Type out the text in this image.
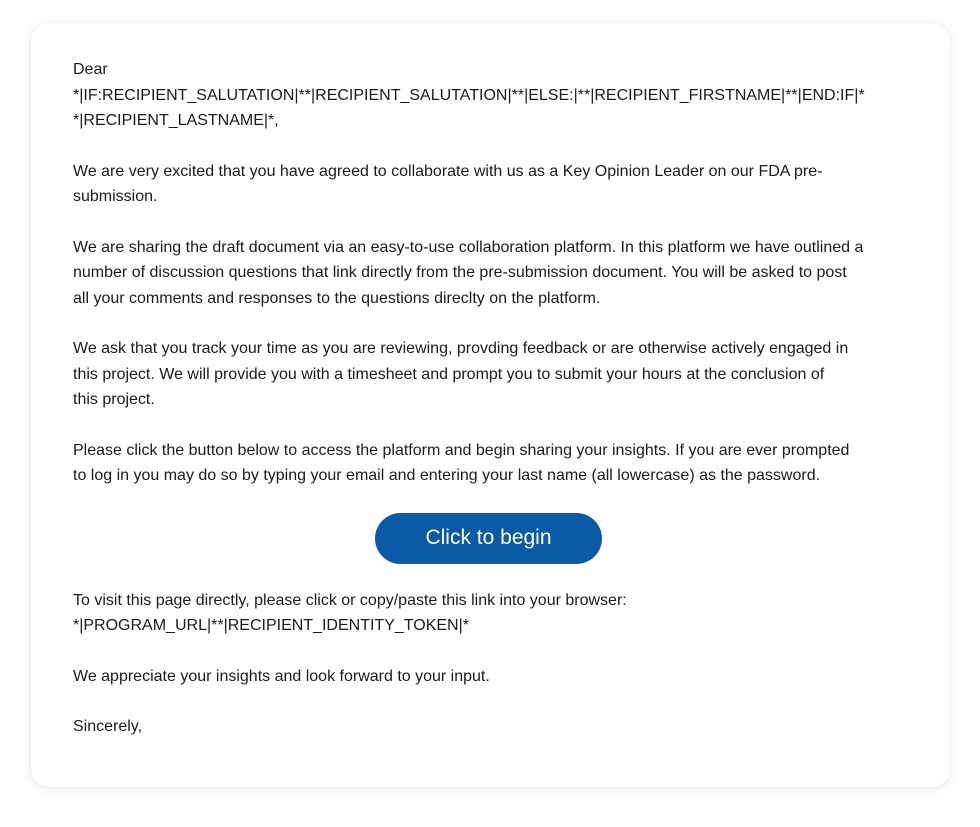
Dear
*|IF:RECIPIENT_SALUTATION|**|RECIPIENT_SALUTATION|**|ELSE:|**|RECIPIENT_FIRSTNAME|**|END:IF|*
*|RECIPIENT_LASTNAME|*,

We are very excited that you have agreed to collaborate with us as a Key Opinion Leader on our FDA pre-
submission.

We are sharing the draft document via an easy-to-use collaboration platform. In this platform we have outlined a
number of discussion questions that link directly from the pre-submission document. You will be asked to post
all your comments and responses to the questions direclty on the platform.

We ask that you track your time as you are reviewing, provding feedback or are otherwise actively engaged in
this project. We will provide you with a timesheet and prompt you to submit your hours at the conclusion of
this project.

Please click the button below to access the platform and begin sharing your insights. If you are ever prompted
to log in you may do so by typing your email and entering your last name (all lowercase) as the password.

Click to begin

To visit this page directly, please click or copy/paste this link into your browser:
*|PROGRAM_URL|**|RECIPIENT_IDENTITY_TOKEN|*

We appreciate your insights and look forward to your input.

Sincerely,
